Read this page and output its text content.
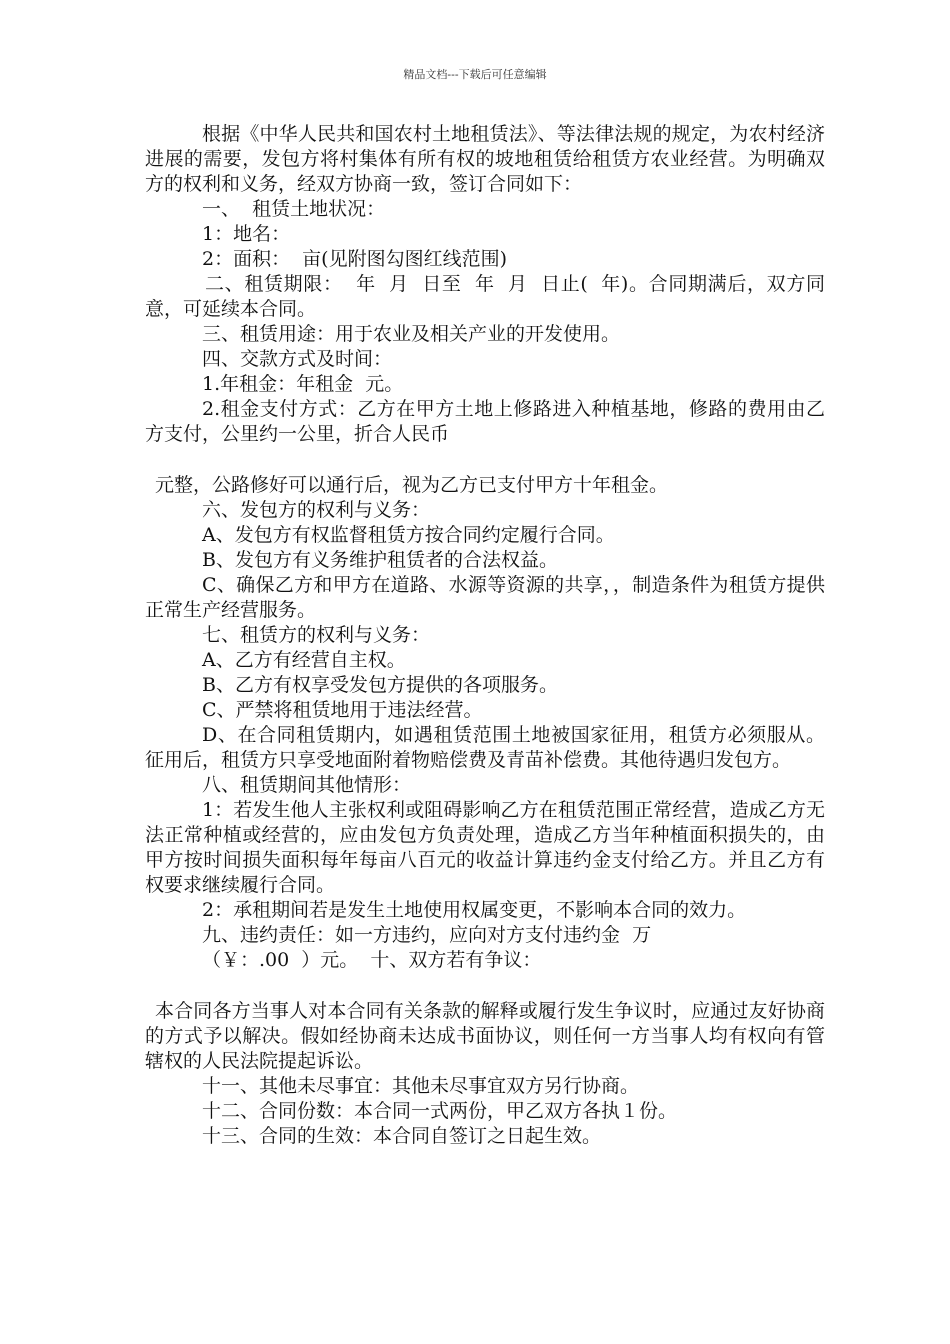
精品文档---下载后可任意编辑

根据《中华人民共和国农村土地租赁法》、等法律法规的规定，为农村经济进展的需要，发包方将村集体有所有权的坡地租赁给租赁方农业经营。为明确双方的权利和义务，经双方协商一致，签订合同如下：

一、  租赁土地状况：

1：地名：

2：面积：  亩(见附图勾图红线范围)

二、租赁期限：  年  月  日至  年  月  日止(  年)。合同期满后，双方同意，可延续本合同。

三、租赁用途：用于农业及相关产业的开发使用。

四、交款方式及时间：

1.年租金：年租金  元。

2.租金支付方式：乙方在甲方土地上修路进入种植基地，修路的费用由乙方支付，公里约一公里，折合人民币

元整，公路修好可以通行后，视为乙方已支付甲方十年租金。

六、发包方的权利与义务：

A、发包方有权监督租赁方按合同约定履行合同。

B、发包方有义务维护租赁者的合法权益。

C、确保乙方和甲方在道路、水源等资源的共享，，制造条件为租赁方提供正常生产经营服务。

七、租赁方的权利与义务：

A、乙方有经营自主权。

B、乙方有权享受发包方提供的各项服务。

C、严禁将租赁地用于违法经营。

D、在合同租赁期内，如遇租赁范围土地被国家征用，租赁方必须服从。征用后，租赁方只享受地面附着物赔偿费及青苗补偿费。其他待遇归发包方。

八、租赁期间其他情形：

1：若发生他人主张权利或阻碍影响乙方在租赁范围正常经营，造成乙方无法正常种植或经营的，应由发包方负责处理，造成乙方当年种植面积损失的，由甲方按时间损失面积每年每亩八百元的收益计算违约金支付给乙方。并且乙方有权要求继续履行合同。

2：承租期间若是发生土地使用权属变更，不影响本合同的效力。

九、违约责任：如一方违约，应向对方支付违约金  万

（￥：.00  ）元。  十、双方若有争议：

本合同各方当事人对本合同有关条款的解释或履行发生争议时，应通过友好协商的方式予以解决。假如经协商未达成书面协议，则任何一方当事人均有权向有管辖权的人民法院提起诉讼。

十一、其他未尽事宜：其他未尽事宜双方另行协商。

十二、合同份数：本合同一式两份，甲乙双方各执１份。

十三、合同的生效：本合同自签订之日起生效。
